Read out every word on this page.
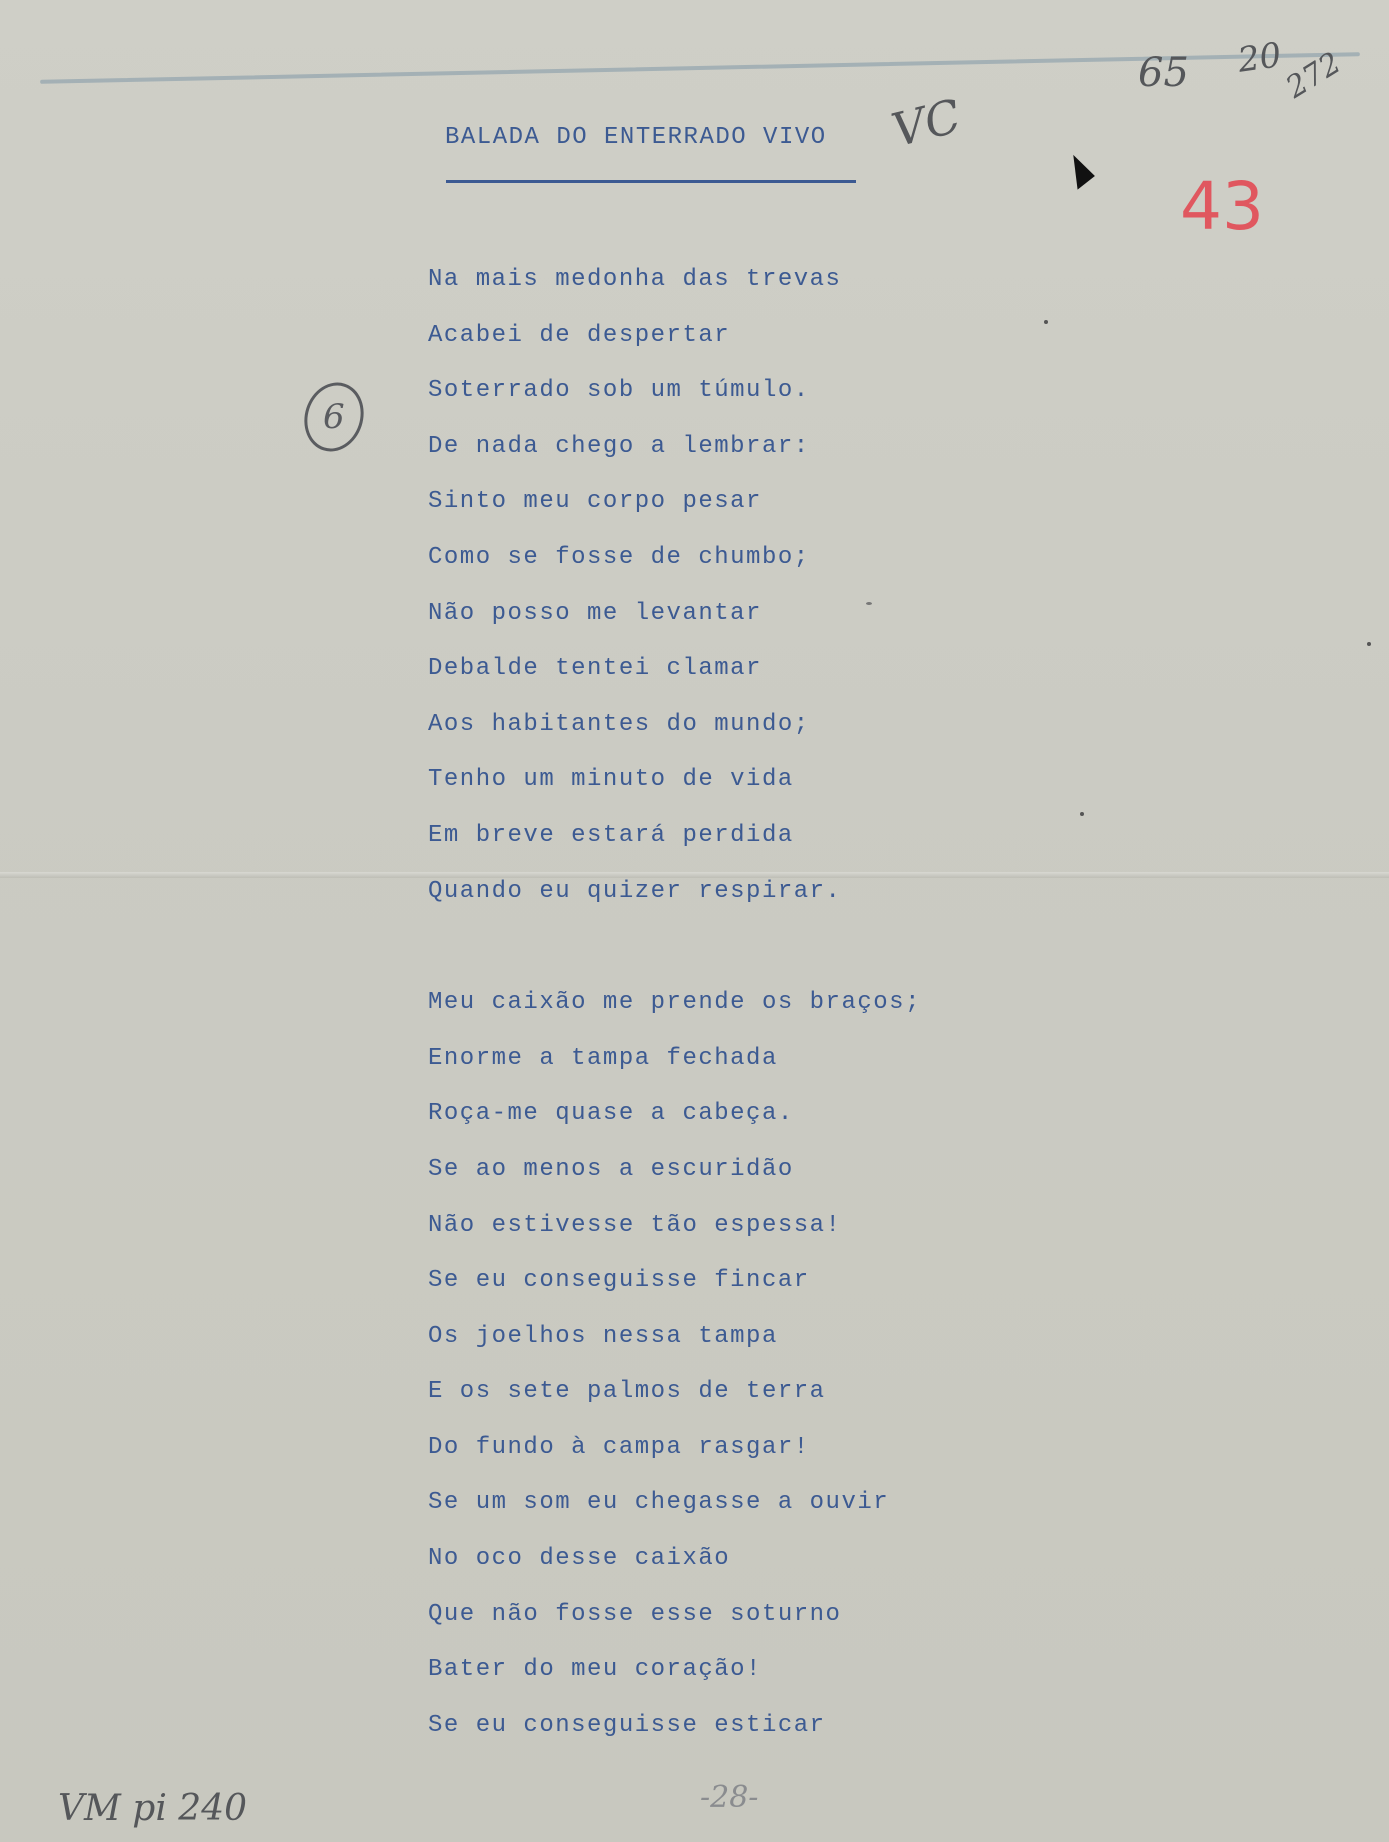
BALADA DO ENTERRADO VIVO VC
65 20
272
43
6
Na mais medonha das trevas
Acabei de despertar
Soterrado sob um túmulo.
De nada chego a lembrar:
Sinto meu corpo pesar
Como se fosse de chumbo;
Não posso me levantar
Debalde tentei clamar
Aos habitantes do mundo;
Tenho um minuto de vida
Em breve estará perdida
Quando eu quizer respirar.
Meu caixão me prende os braços;
Enorme a tampa fechada
Roça-me quase a cabeça.
Se ao menos a escuridão
Não estivesse tão espessa!
Se eu conseguisse fincar
Os joelhos nessa tampa
E os sete palmos de terra
Do fundo à campa rasgar!
Se um som eu chegasse a ouvir
No oco desse caixão
Que não fosse esse soturno
Bater do meu coração!
Se eu conseguisse esticar
VM pi 240	-28-
